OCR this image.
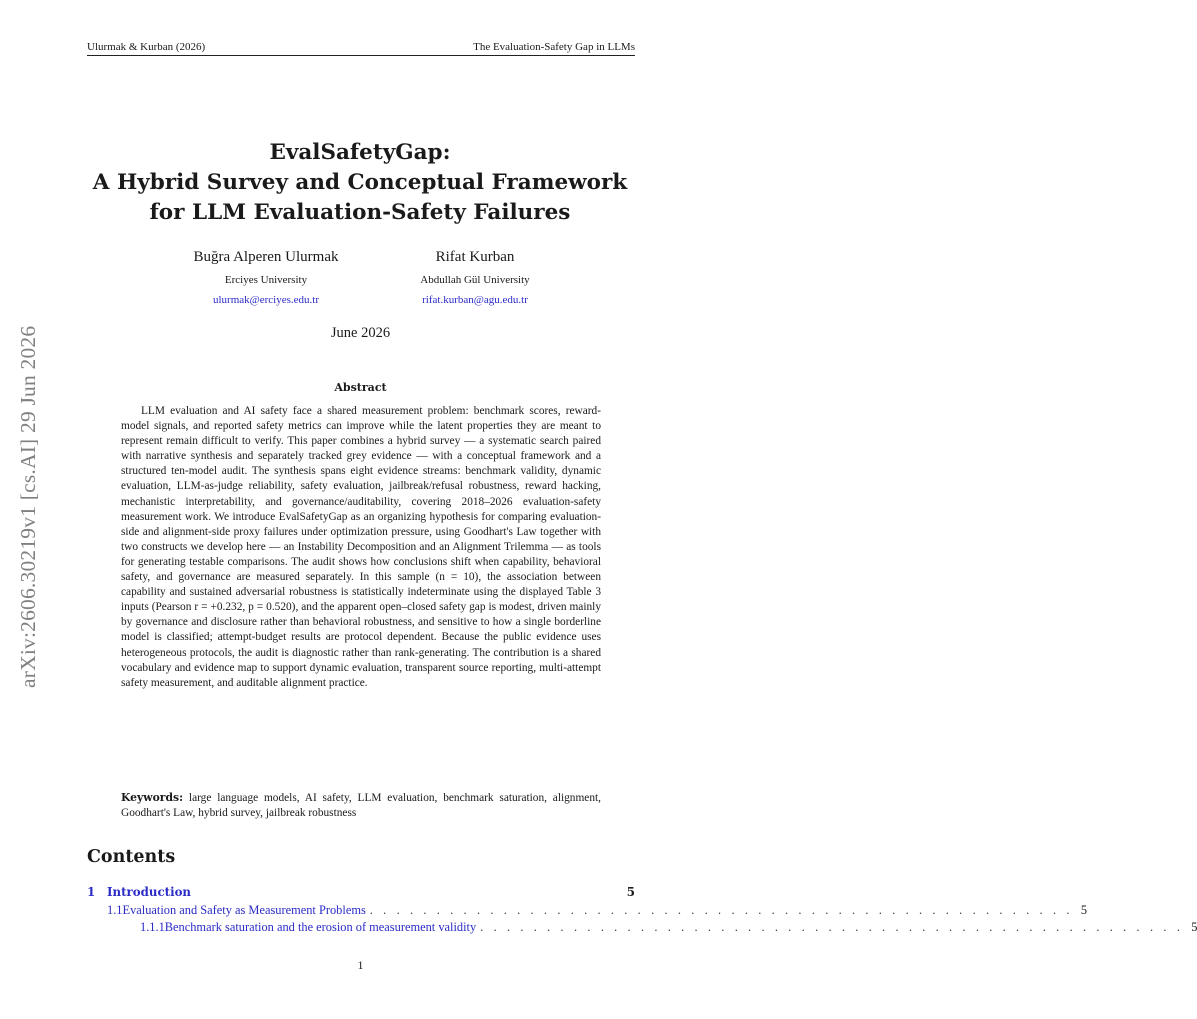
Ulurmak & Kurban (2026)	The Evaluation-Safety Gap in LLMs
arXiv:2606.30219v1 [cs.AI] 29 Jun 2026
EvalSafetyGap:
A Hybrid Survey and Conceptual Framework
for LLM Evaluation-Safety Failures
Buğra Alperen Ulurmak
Erciyes University
ulurmak@erciyes.edu.tr
Rifat Kurban
Abdullah Gül University
rifat.kurban@agu.edu.tr
June 2026
Abstract
LLM evaluation and AI safety face a shared measurement problem: benchmark scores, reward-model signals, and reported safety metrics can improve while the latent properties they are meant to represent remain difficult to verify. This paper combines a hybrid survey — a systematic search paired with narrative synthesis and separately tracked grey evidence — with a conceptual framework and a structured ten-model audit. The synthesis spans eight evidence streams: benchmark validity, dynamic evaluation, LLM-as-judge reliability, safety evaluation, jailbreak/refusal robustness, reward hacking, mechanistic interpretability, and governance/auditability, covering 2018–2026 evaluation-safety measurement work. We introduce EvalSafetyGap as an organizing hypothesis for comparing evaluation-side and alignment-side proxy failures under optimization pressure, using Goodhart's Law together with two constructs we develop here — an Instability Decomposition and an Alignment Trilemma — as tools for generating testable comparisons. The audit shows how conclusions shift when capability, behavioral safety, and governance are measured separately. In this sample (n = 10), the association between capability and sustained adversarial robustness is statistically indeterminate using the displayed Table 3 inputs (Pearson r = +0.232, p = 0.520), and the apparent open–closed safety gap is modest, driven mainly by governance and disclosure rather than behavioral robustness, and sensitive to how a single borderline model is classified; attempt-budget results are protocol dependent. Because the public evidence uses heterogeneous protocols, the audit is diagnostic rather than rank-generating. The contribution is a shared vocabulary and evidence map to support dynamic evaluation, transparent source reporting, multi-attempt safety measurement, and auditable alignment practice.
Keywords: large language models, AI safety, LLM evaluation, benchmark saturation, alignment, Goodhart's Law, hybrid survey, jailbreak robustness
Contents
1 Introduction	5
1.1 Evaluation and Safety as Measurement Problems . . . . . . . . . . . . . . . . . . . . . . . . . . . . . . . . . . . . . . . . . . . . . . . . . . . . . 5
1.1.1 Benchmark saturation and the erosion of measurement validity . . . . . . . . . . . . . . . . . . . . . . . . . . . . . . . . . . . . . . . . . . . . . . . . . . . . . 5
1
